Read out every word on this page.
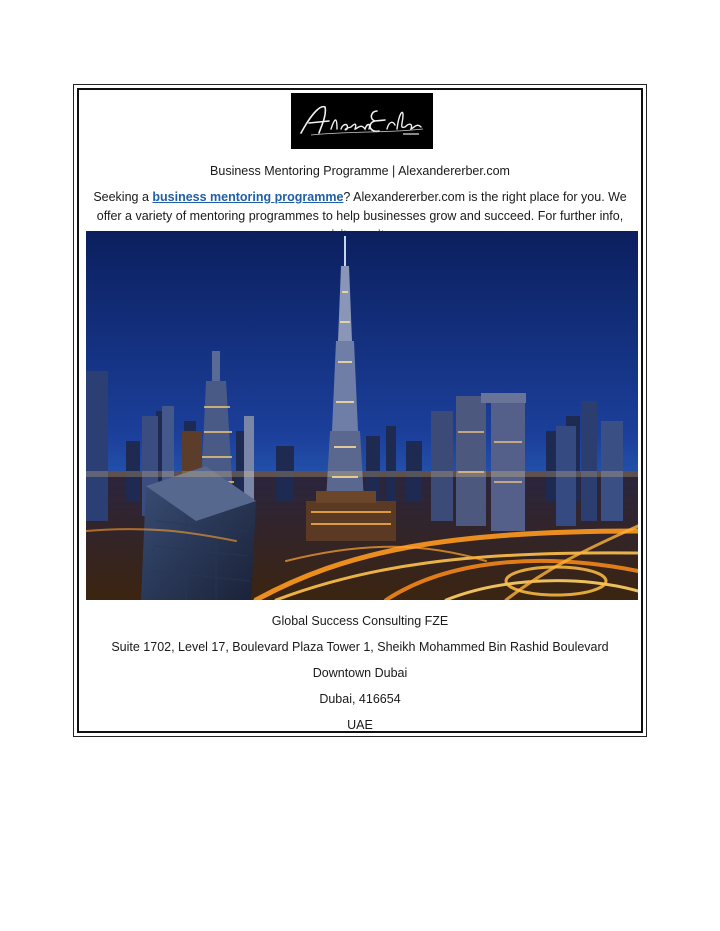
Business Mentoring Programme | Alexandererber.com
Seeking a business mentoring programme? Alexandererber.com is the right place for you. We offer a variety of mentoring programmes to help businesses grow and succeed. For further info,
Global Success Consulting FZE
Suite 1702, Level 17, Boulevard Plaza Tower 1, Sheikh Mohammed Bin Rashid Boulevard
Downtown Dubai
Dubai, 416654
UAE
